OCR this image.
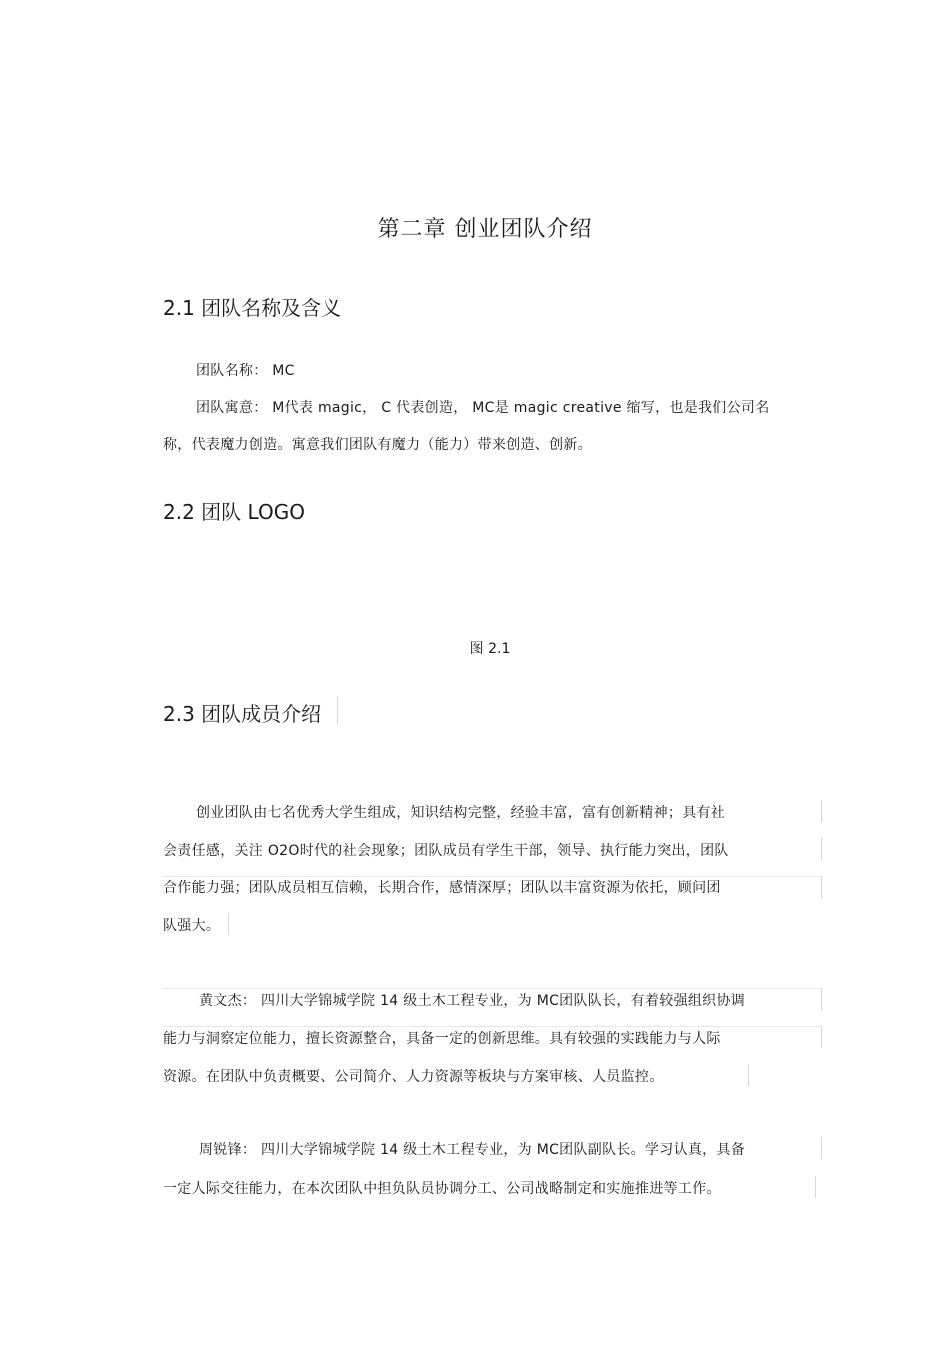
第二章 创业团队介绍
2.1 团队名称及含义
团队名称： MC
团队寓意： M代表 magic， C 代表创造， MC是 magic creative 缩写，也是我们公司名
称，代表魔力创造。寓意我们团队有魔力（能力）带来创造、创新。
2.2 团队 LOGO
图 2.1
2.3 团队成员介绍
创业团队由七名优秀大学生组成，知识结构完整，经验丰富，富有创新精神；具有社
会责任感，关注 O2O时代的社会现象；团队成员有学生干部，领导、执行能力突出，团队
合作能力强；团队成员相互信赖，长期合作，感情深厚；团队以丰富资源为依托，顾问团
队强大。
黄文杰： 四川大学锦城学院 14 级土木工程专业，为 MC团队队长，有着较强组织协调
能力与洞察定位能力，擅长资源整合，具备一定的创新思维。具有较强的实践能力与人际
资源。在团队中负责概要、公司简介、人力资源等板块与方案审核、人员监控。
周锐锋： 四川大学锦城学院 14 级土木工程专业，为 MC团队副队长。学习认真，具备
一定人际交往能力，在本次团队中担负队员协调分工、公司战略制定和实施推进等工作。
